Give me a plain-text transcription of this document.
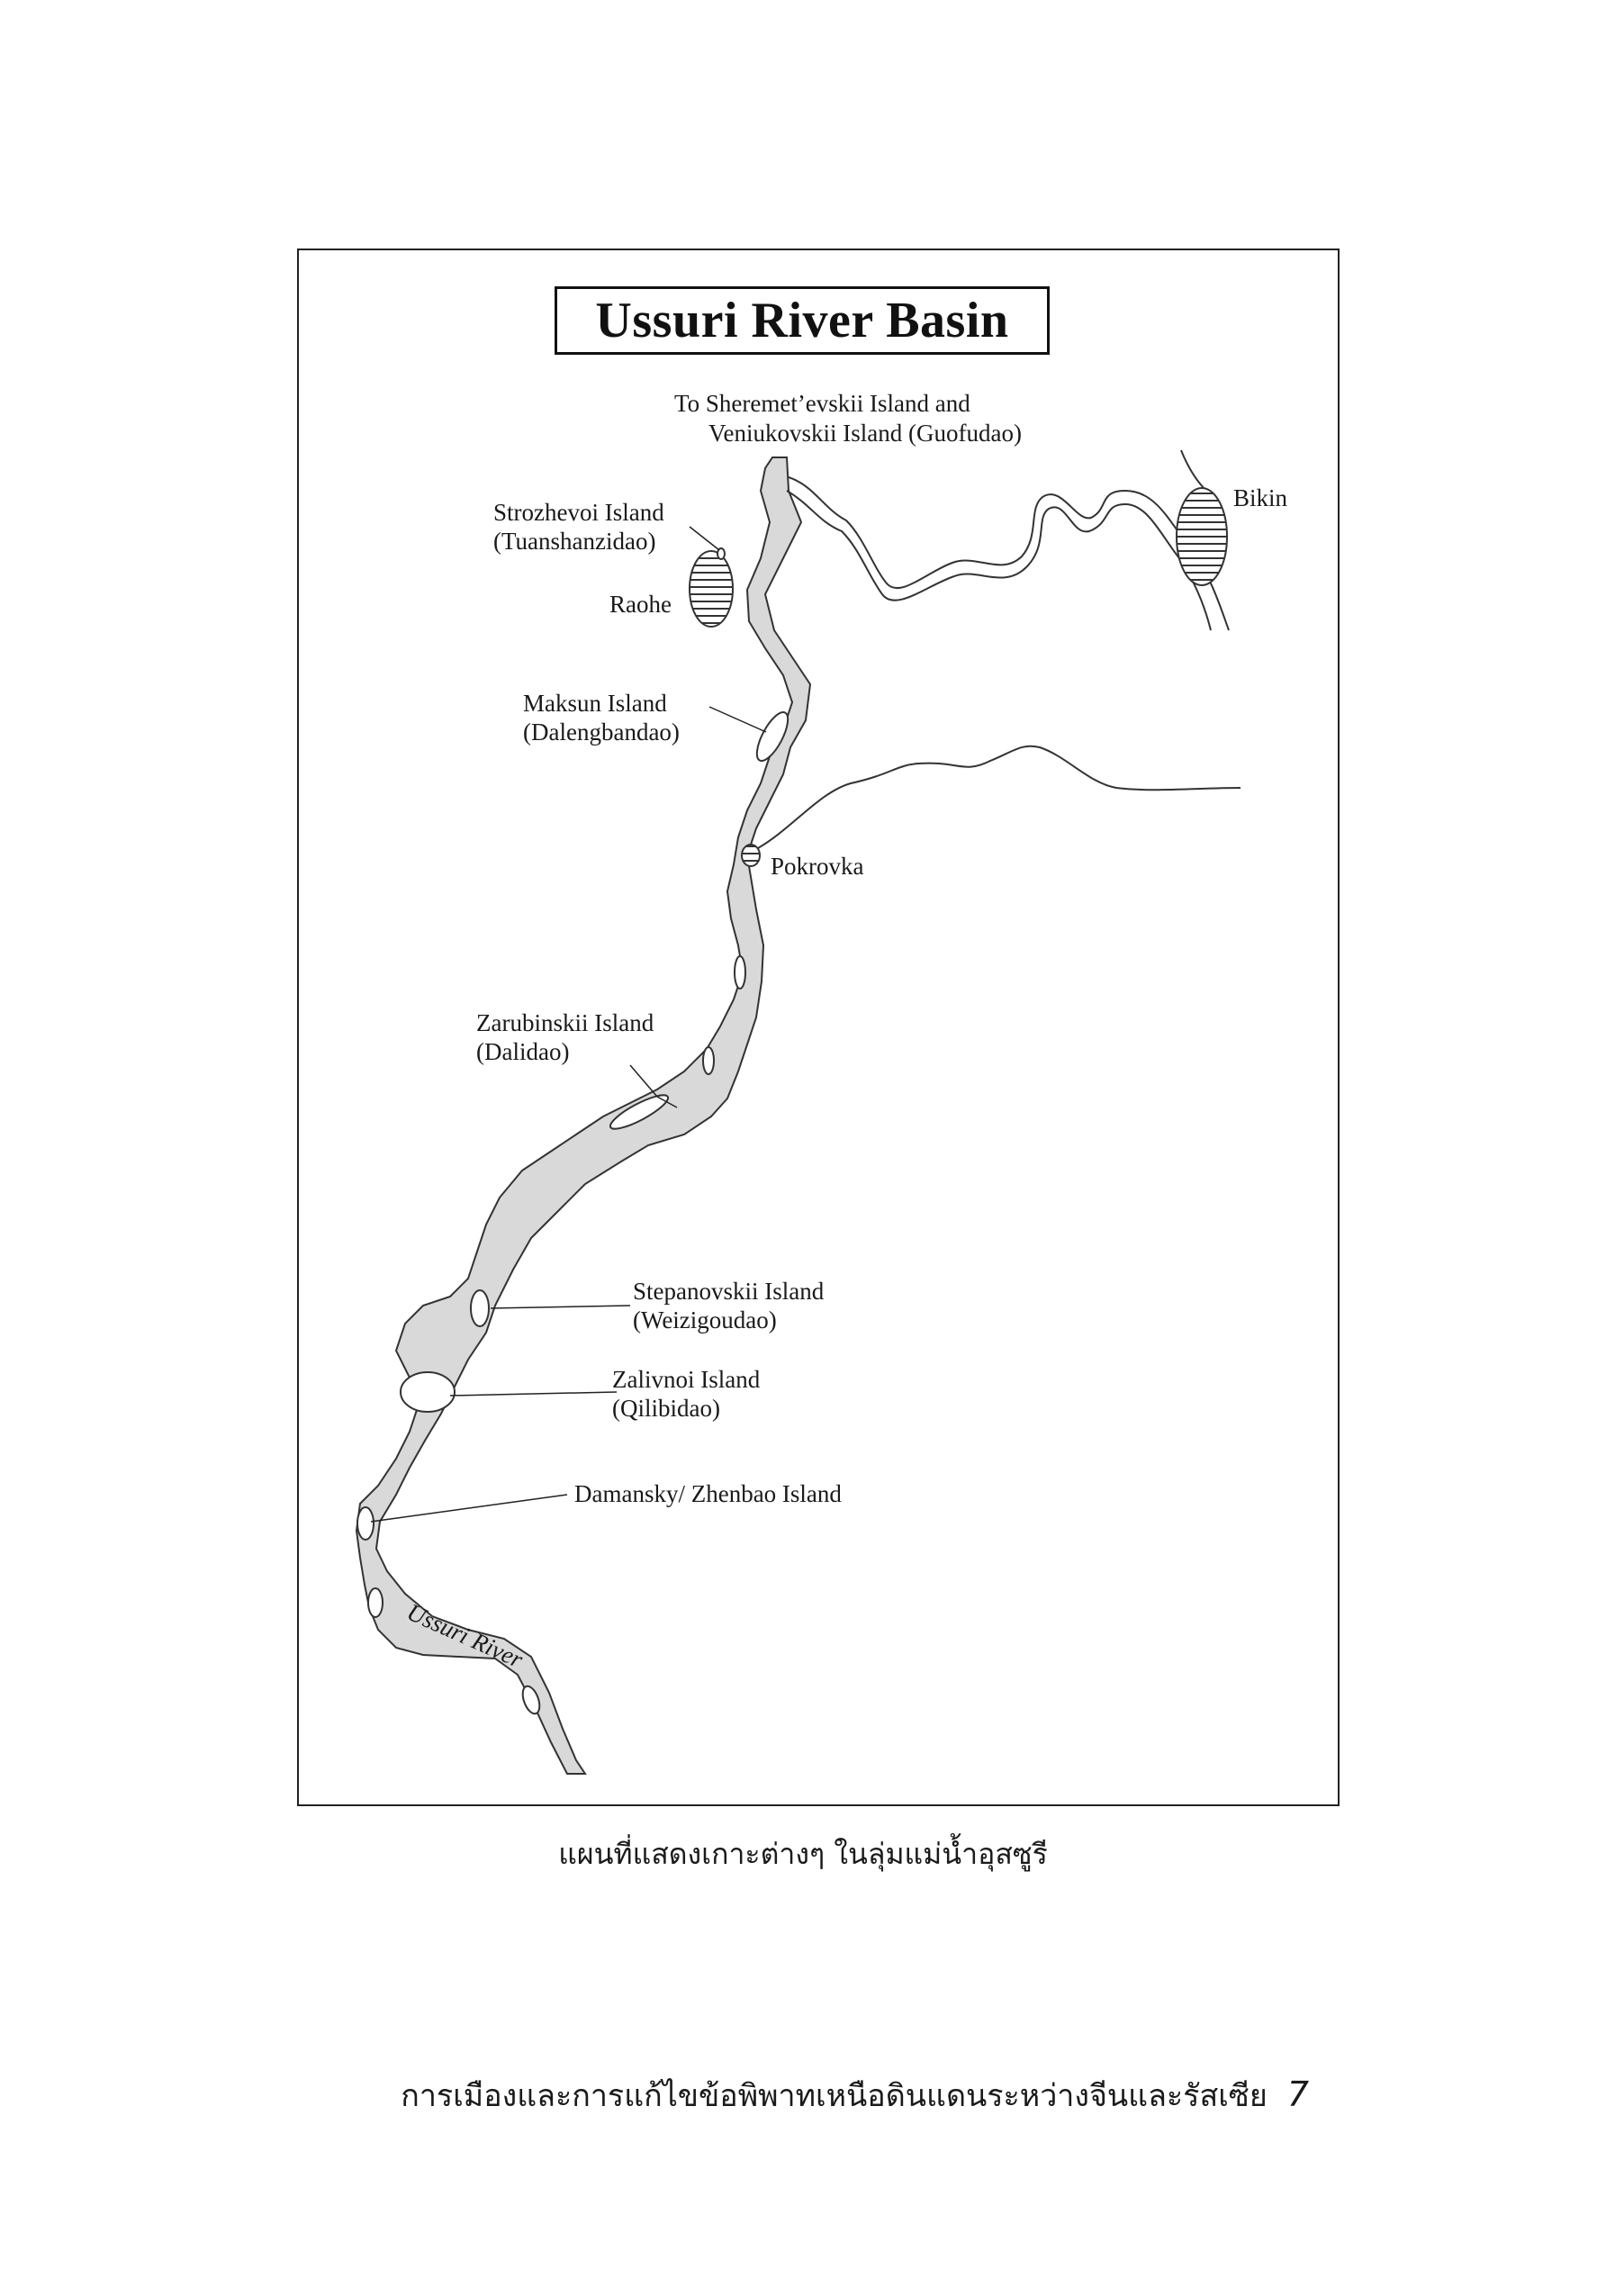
Ussuri River Basin
To Sheremet’evskii Island and
Veniukovskii Island (Guofudao)
Strozhevoi Island
(Tuanshanzidao)
Raohe
Bikin
Maksun Island
(Dalengbandao)
Pokrovka
Zarubinskii Island
(Dalidao)
Stepanovskii Island
(Weizigoudao)
Zalivnoi Island
(Qilibidao)
Damansky/ Zhenbao Island
Ussuri River
แผนที่แสดงเกาะต่างๆ ในลุ่มแม่น้ำอุสซูรี
การเมืองและการแก้ไขข้อพิพาทเหนือดินแดนระหว่างจีนและรัสเซีย 7
